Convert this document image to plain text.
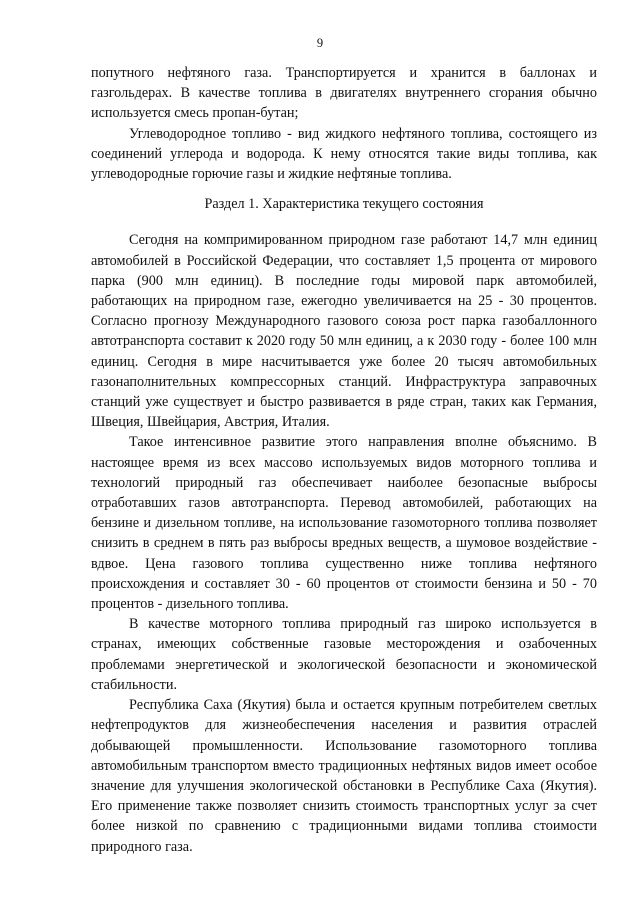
9

попутного нефтяного газа. Транспортируется и хранится в баллонах и газгольдерах. В качестве топлива в двигателях внутреннего сгорания обычно используется смесь пропан-бутан;

Углеводородное топливо - вид жидкого нефтяного топлива, состоящего из соединений углерода и водорода. К нему относятся такие виды топлива, как углеводородные горючие газы и жидкие нефтяные топлива.

Раздел 1. Характеристика текущего состояния

Сегодня на компримированном природном газе работают 14,7 млн единиц автомобилей в Российской Федерации, что составляет 1,5 процента от мирового парка (900 млн единиц). В последние годы мировой парк автомобилей, работающих на природном газе, ежегодно увеличивается на 25 - 30 процентов. Согласно прогнозу Международного газового союза рост парка газобаллонного автотранспорта составит к 2020 году 50 млн единиц, а к 2030 году - более 100 млн единиц. Сегодня в мире насчитывается уже более 20 тысяч автомобильных газонаполнительных компрессорных станций. Инфраструктура заправочных станций уже существует и быстро развивается в ряде стран, таких как Германия, Швеция, Швейцария, Австрия, Италия.

Такое интенсивное развитие этого направления вполне объяснимо. В настоящее время из всех массово используемых видов моторного топлива и технологий природный газ обеспечивает наиболее безопасные выбросы отработавших газов автотранспорта. Перевод автомобилей, работающих на бензине и дизельном топливе, на использование газомоторного топлива позволяет снизить в среднем в пять раз выбросы вредных веществ, а шумовое воздействие - вдвое. Цена газового топлива существенно ниже топлива нефтяного происхождения и составляет 30 - 60 процентов от стоимости бензина и 50 - 70 процентов - дизельного топлива.

В качестве моторного топлива природный газ широко используется в странах, имеющих собственные газовые месторождения и озабоченных проблемами энергетической и экологической безопасности и экономической стабильности.

Республика Саха (Якутия) была и остается крупным потребителем светлых нефтепродуктов для жизнеобеспечения населения и развития отраслей добывающей промышленности. Использование газомоторного топлива автомобильным транспортом вместо традиционных нефтяных видов имеет особое значение для улучшения экологической обстановки в Республике Саха (Якутия). Его применение также позволяет снизить стоимость транспортных услуг за счет более низкой по сравнению с традиционными видами топлива стоимости природного газа.
